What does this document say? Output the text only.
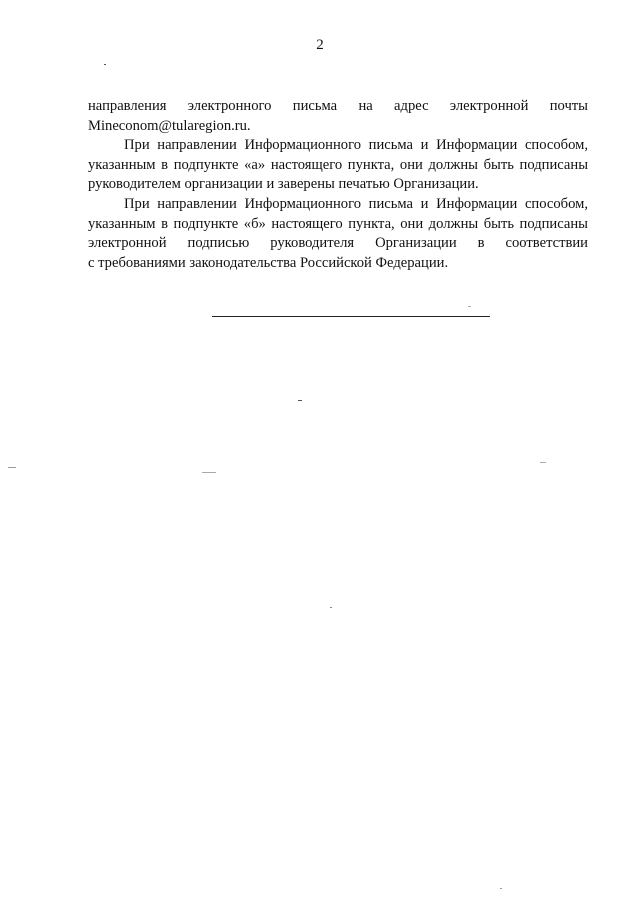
2

направления электронного письма на адрес электронной почты
Mineconom@tularegion.ru.

При направлении Информационного письма и Информации способом,
указанным в подпункте «а» настоящего пункта, они должны быть подписаны
руководителем организации и заверены печатью Организации.

При направлении Информационного письма и Информации способом,
указанным в подпункте «б» настоящего пункта, они должны быть подписаны
электронной подписью руководителя Организации в соответствии
с требованиями законодательства Российской Федерации.
